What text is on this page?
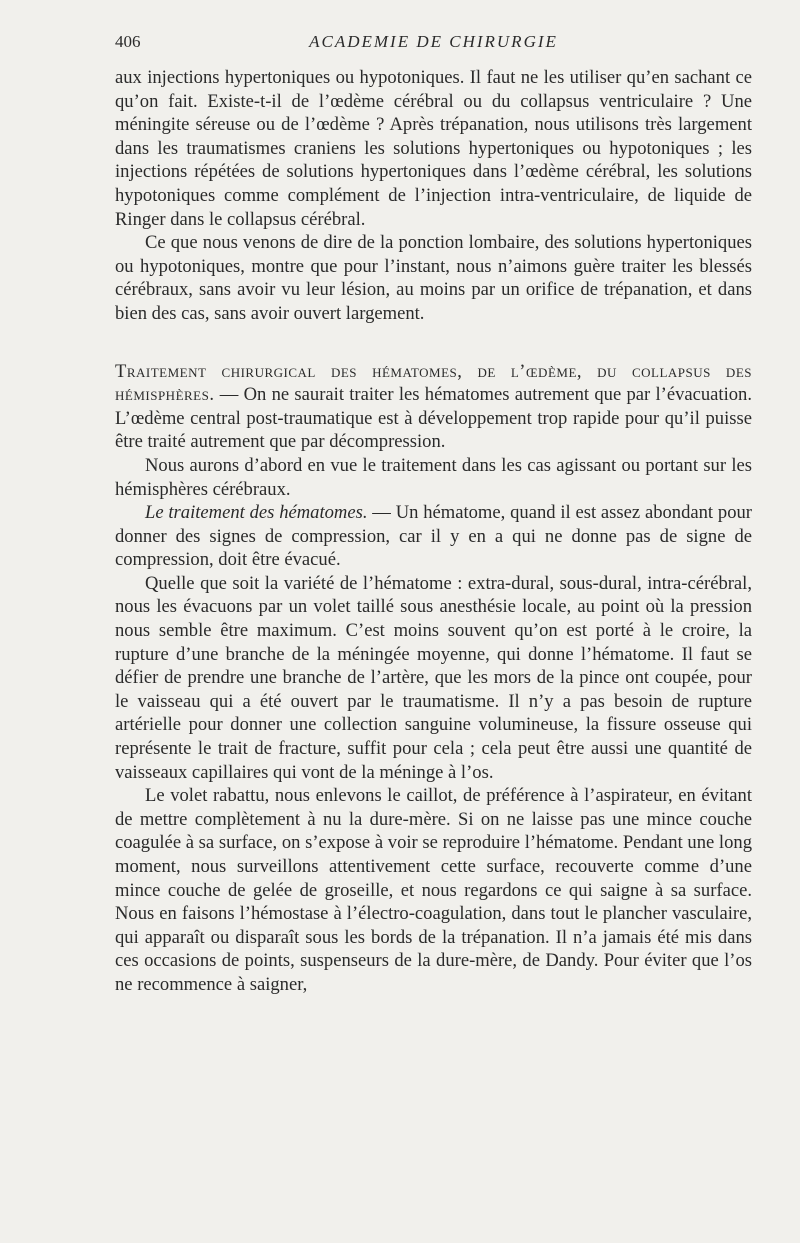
406	ACADEMIE DE CHIRURGIE

aux injections hypertoniques ou hypotoniques. Il faut ne les utiliser qu’en sachant ce qu’on fait. Existe-t-il de l’œdème cérébral ou du collapsus ventriculaire ? Une méningite séreuse ou de l’œdème ? Après trépanation, nous utilisons très largement dans les traumatismes craniens les solutions hypertoniques ou hypotoniques ; les injections répétées de solutions hypertoniques dans l’œdème cérébral, les solutions hypotoniques comme complément de l’injection intra-ventriculaire, de liquide de Ringer dans le collapsus cérébral.

Ce que nous venons de dire de la ponction lombaire, des solutions hypertoniques ou hypotoniques, montre que pour l’instant, nous n’aimons guère traiter les blessés cérébraux, sans avoir vu leur lésion, au moins par un orifice de trépanation, et dans bien des cas, sans avoir ouvert largement.

Traitement chirurgical des hématomes, de l’œdème, du collapsus des hémisphères. — On ne saurait traiter les hématomes autrement que par l’évacuation. L’œdème central post-traumatique est à développement trop rapide pour qu’il puisse être traité autrement que par décompression.

Nous aurons d’abord en vue le traitement dans les cas agissant ou portant sur les hémisphères cérébraux.

Le traitement des hématomes. — Un hématome, quand il est assez abondant pour donner des signes de compression, car il y en a qui ne donne pas de signe de compression, doit être évacué.

Quelle que soit la variété de l’hématome : extra-dural, sous-dural, intra-cérébral, nous les évacuons par un volet taillé sous anesthésie locale, au point où la pression nous semble être maximum. C’est moins souvent qu’on est porté à le croire, la rupture d’une branche de la méningée moyenne, qui donne l’hématome. Il faut se défier de prendre une branche de l’artère, que les mors de la pince ont coupée, pour le vaisseau qui a été ouvert par le traumatisme. Il n’y a pas besoin de rupture artérielle pour donner une collection sanguine volumineuse, la fissure osseuse qui représente le trait de fracture, suffit pour cela ; cela peut être aussi une quantité de vaisseaux capillaires qui vont de la méninge à l’os.

Le volet rabattu, nous enlevons le caillot, de préférence à l’aspirateur, en évitant de mettre complètement à nu la dure-mère. Si on ne laisse pas une mince couche coagulée à sa surface, on s’expose à voir se reproduire l’hématome. Pendant une long moment, nous surveillons attentivement cette surface, recouverte comme d’une mince couche de gelée de groseille, et nous regardons ce qui saigne à sa surface. Nous en faisons l’hémostase à l’électro-coagulation, dans tout le plancher vasculaire, qui apparaît ou disparaît sous les bords de la trépanation. Il n’a jamais été mis dans ces occasions de points, suspenseurs de la dure-mère, de Dandy. Pour éviter que l’os ne recommence à saigner,
